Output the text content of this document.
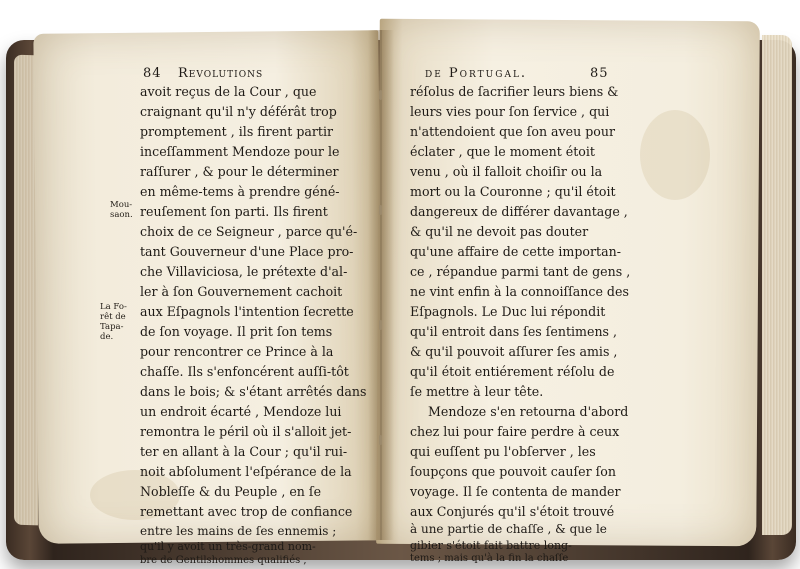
84 Revolutions
avoit reçus de la Cour , que
craignant qu'il n'y déférât trop
promptement , ils firent partir
inceſſamment Mendoze pour le
raſſurer , & pour le déterminer
en même-tems à prendre géné-
reuſement ſon parti. Ils firent
choix de ce Seigneur , parce qu'é-
tant Gouverneur d'une Place pro-
che Villaviciosa, le prétexte d'al-
ler à ſon Gouvernement cachoit
aux Eſpagnols l'intention ſecrette
de ſon voyage. Il prit ſon tems
pour rencontrer ce Prince à la
chaſſe. Ils s'enfoncérent auſſi-tôt
dans le bois; & s'étant arrêtés dans
un endroit écarté , Mendoze lui
remontra le péril où il s'alloit jet-
ter en allant à la Cour ; qu'il rui-
noit abſolument l'eſpérance de la
Nobleſſe & du Peuple , en ſe
remettant avec trop de confiance
entre les mains de ſes ennemis ;
qu'il y avoit un très-grand nom-
bre de Gentilshommes qualifiés ,
Mou-
saon.
La Fo-
rêt de
Tapa-
de.
de Portugal.	85
réſolus de ſacrifier leurs biens &
leurs vies pour ſon ſervice , qui
n'attendoient que ſon aveu pour
éclater , que le moment étoit
venu , où il falloit choiſir ou la
mort ou la Couronne ; qu'il étoit
dangereux de différer davantage ,
& qu'il ne devoit pas douter
qu'une affaire de cette importan-
ce , répandue parmi tant de gens ,
ne vint enfin à la connoiſſance des
Eſpagnols. Le Duc lui répondit
qu'il entroit dans ſes ſentimens ,
& qu'il pouvoit aſſurer ſes amis ,
qu'il étoit entiérement réſolu de
ſe mettre à leur tête.
Mendoze s'en retourna d'abord
chez lui pour faire perdre à ceux
qui euſſent pu l'obſerver , les
ſoupçons que pouvoit cauſer ſon
voyage. Il ſe contenta de mander
aux Conjurés qu'il s'étoit trouvé
à une partie de chaſſe , & que le
gibier s'étoit fait battre long-
tems ; mais qu'à la fin la chaſſe
